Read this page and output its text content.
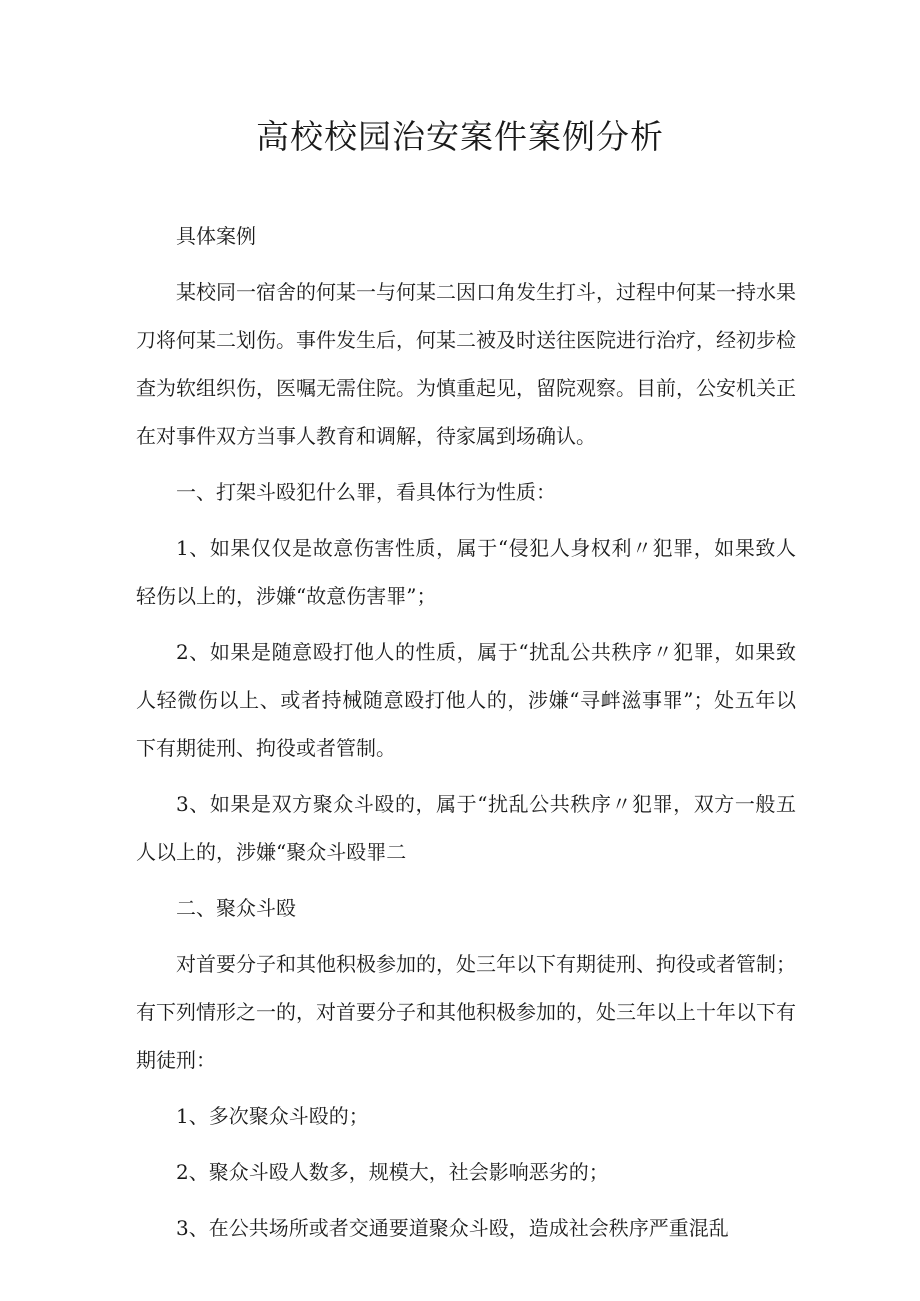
高校校园治安案件案例分析

具体案例

某校同一宿舍的何某一与何某二因口角发生打斗，过程中何某一持水果刀将何某二划伤。事件发生后，何某二被及时送往医院进行治疗，经初步检查为软组织伤，医嘱无需住院。为慎重起见，留院观察。目前，公安机关正在对事件双方当事人教育和调解，待家属到场确认。

一、打架斗殴犯什么罪，看具体行为性质：

1、如果仅仅是故意伤害性质，属于“侵犯人身权利〃犯罪，如果致人轻伤以上的，涉嫌“故意伤害罪”；

2、如果是随意殴打他人的性质，属于“扰乱公共秩序〃犯罪，如果致人轻微伤以上、或者持械随意殴打他人的，涉嫌“寻衅滋事罪”；处五年以下有期徒刑、拘役或者管制。

3、如果是双方聚众斗殴的，属于“扰乱公共秩序〃犯罪，双方一般五人以上的，涉嫌“聚众斗殴罪二

二、聚众斗殴

对首要分子和其他积极参加的，处三年以下有期徒刑、拘役或者管制；有下列情形之一的，对首要分子和其他积极参加的，处三年以上十年以下有期徒刑：

1、多次聚众斗殴的；

2、聚众斗殴人数多，规模大，社会影响恶劣的；

3、在公共场所或者交通要道聚众斗殴，造成社会秩序严重混乱
